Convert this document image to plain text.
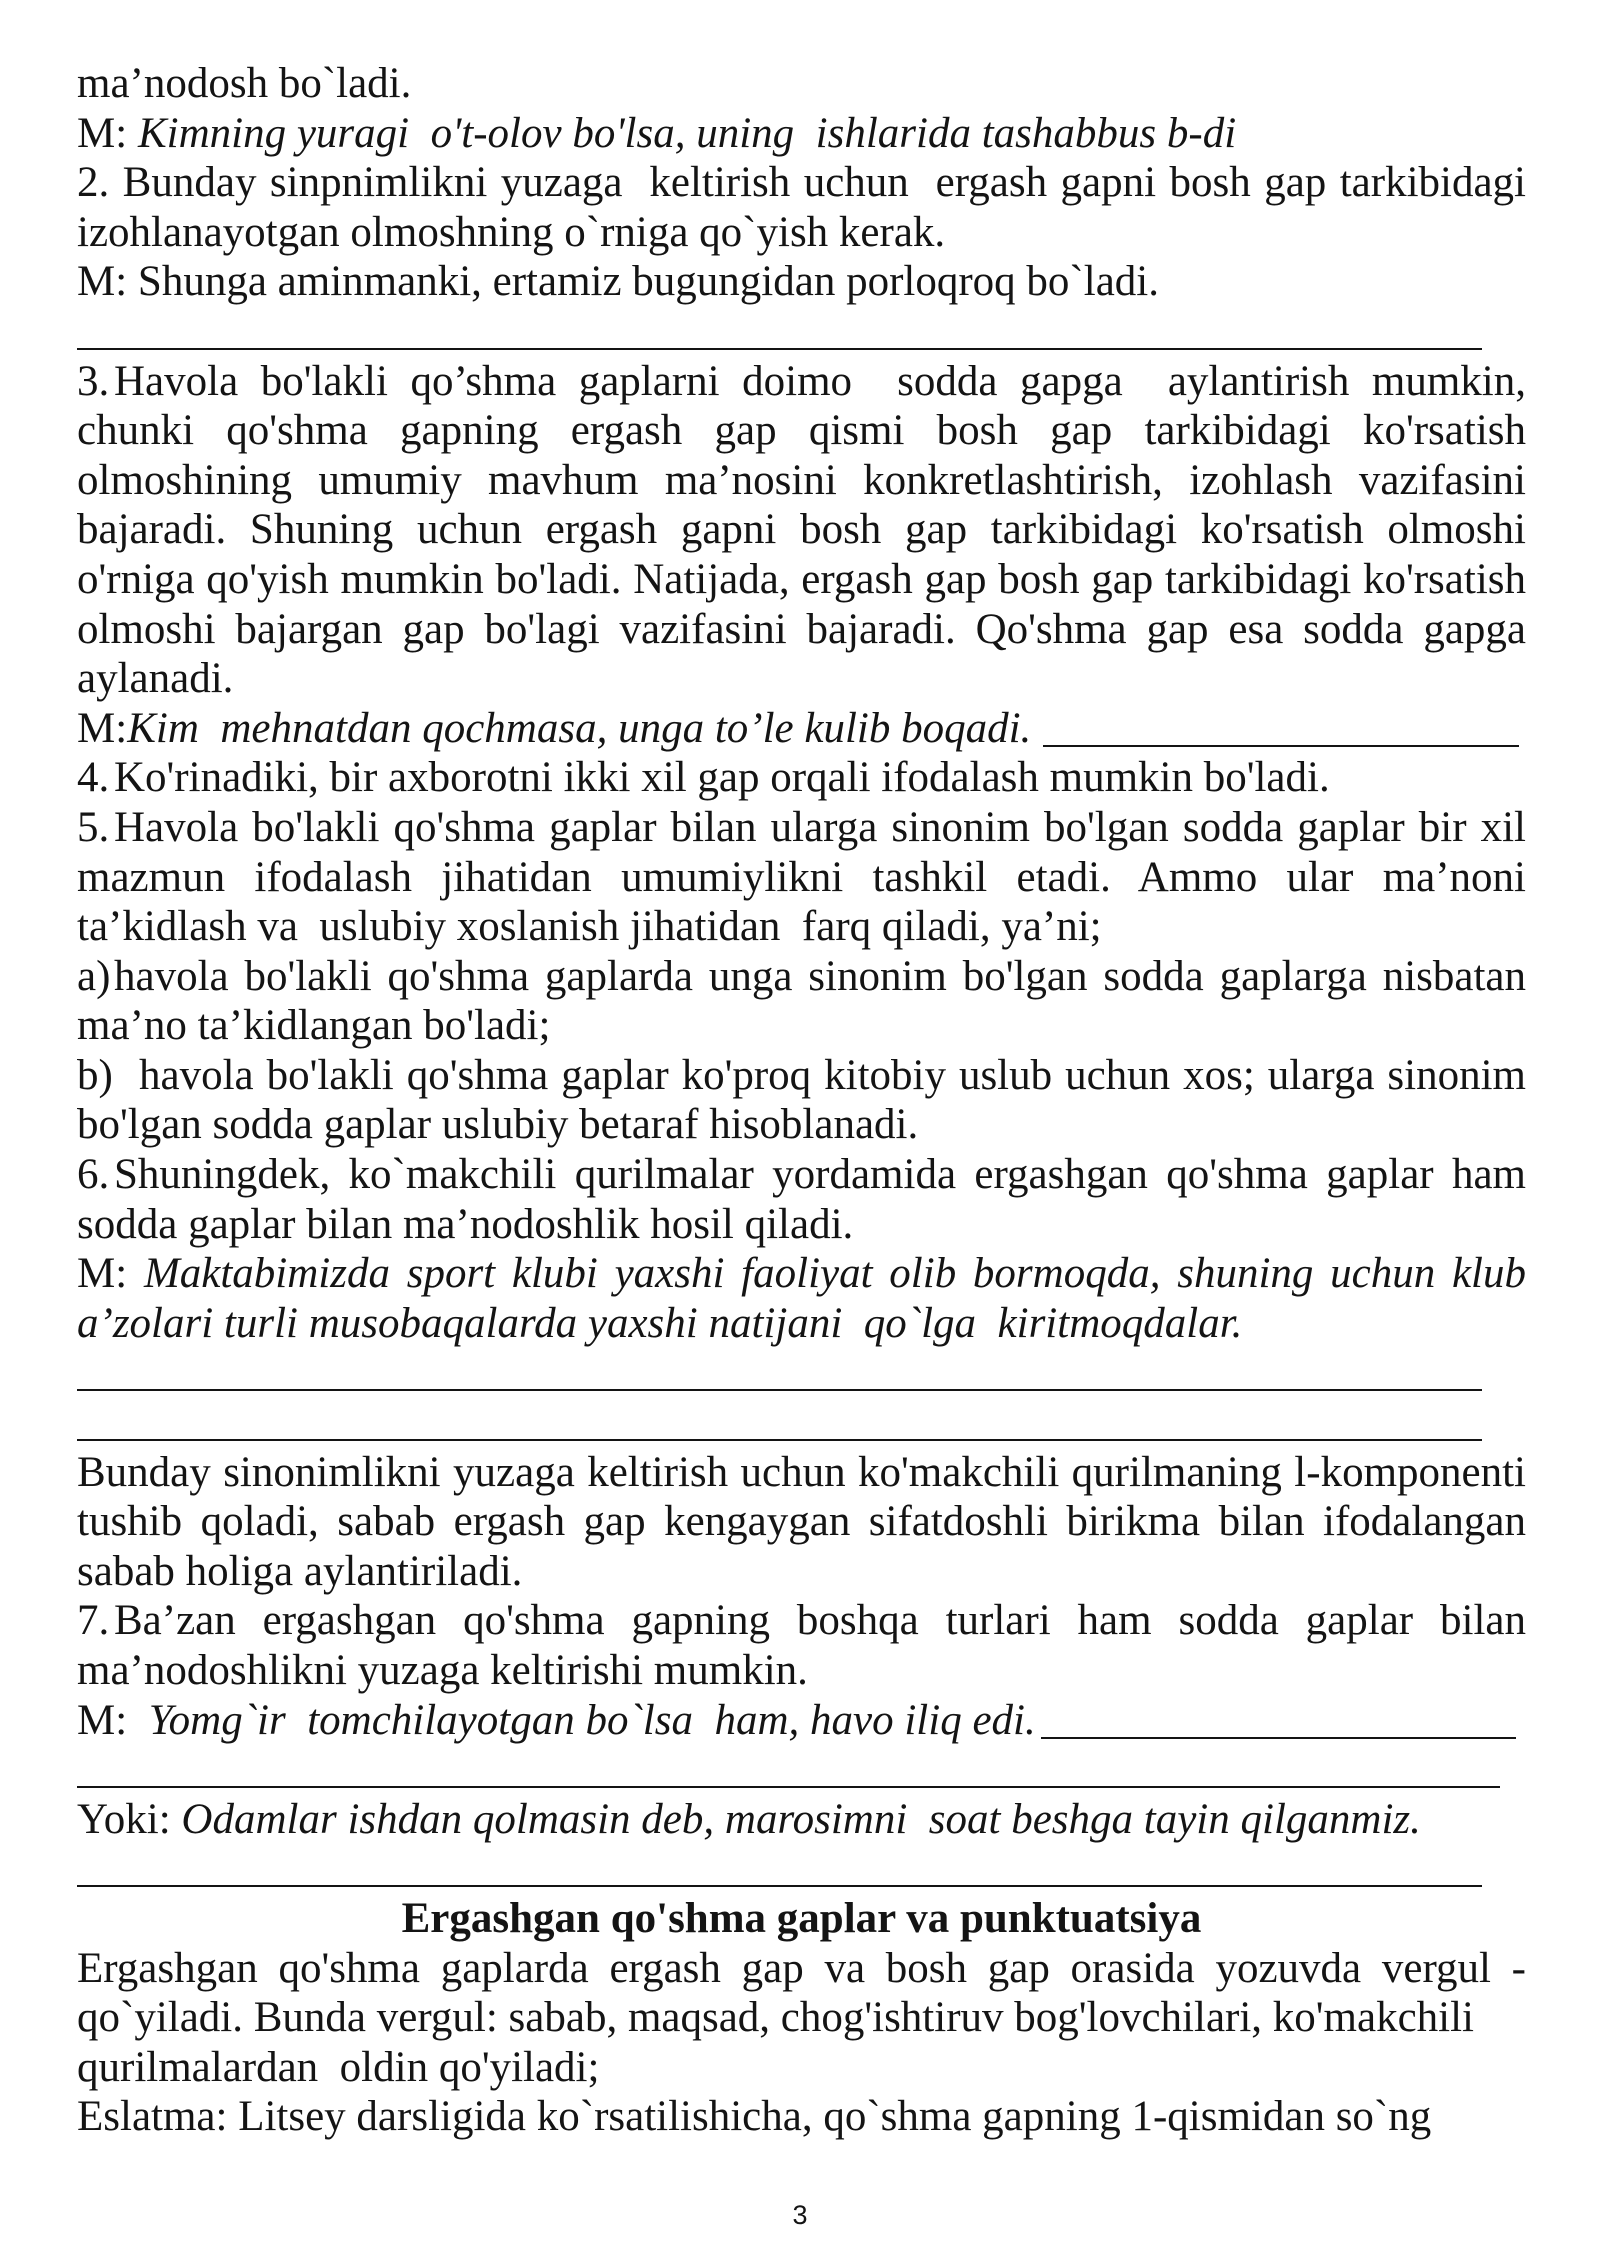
ma’nodosh bo`ladi.
M: Kimning yuragi  o't-olov bo'lsa, uning  ishlarida tashabbus b-di
2. Bunday sinpnimlikni yuzaga  keltirish uchun  ergash gapni bosh gap tarkibidagi
izohlanayotgan olmoshning o`rniga qo`yish kerak.
M: Shunga aminmanki, ertamiz bugungidan porloqroq bo`ladi.
3. Havola bo'lakli qo’shma gaplarni doimo  sodda gapga  aylantirish mumkin,
chunki qo'shma gapning ergash gap qismi bosh gap tarkibidagi ko'rsatish
olmoshining umumiy mavhum ma’nosini konkretlashtirish, izohlash vazifasini
bajaradi. Shuning uchun ergash gapni bosh gap tarkibidagi ko'rsatish olmoshi
o'rniga qo'yish mumkin bo'ladi. Natijada, ergash gap bosh gap tarkibidagi ko'rsatish
olmoshi bajargan gap bo'lagi vazifasini bajaradi. Qo'shma gap esa sodda gapga
aylanadi.
M:Kim  mehnatdan qochmasa, unga to’le kulib boqadi.
4. Ko'rinadiki, bir axborotni ikki xil gap orqali ifodalash mumkin bo'ladi.
5. Havola bo'lakli qo'shma gaplar bilan ularga sinonim bo'lgan sodda gaplar bir xil
mazmun ifodalash jihatidan umumiylikni tashkil etadi. Ammo ular ma’noni
ta’kidlash va  uslubiy xoslanish jihatidan  farq qiladi, ya’ni;
a) havola bo'lakli qo'shma gaplarda unga sinonim bo'lgan sodda gaplarga nisbatan
ma’no ta’kidlangan bo'ladi;
b) havola bo'lakli qo'shma gaplar ko'proq kitobiy uslub uchun xos; ularga sinonim
bo'lgan sodda gaplar uslubiy betaraf hisoblanadi.
6. Shuningdek, ko`makchili qurilmalar yordamida ergashgan qo'shma gaplar ham
sodda gaplar bilan ma’nodoshlik hosil qiladi.
M: Maktabimizda sport klubi yaxshi faoliyat olib bormoqda, shuning uchun klub
a’zolari turli musobaqalarda yaxshi natijani  qo`lga  kiritmoqdalar.
Bunday sinonimlikni yuzaga keltirish uchun ko'makchili qurilmaning l-komponenti
tushib qoladi, sabab ergash gap kengaygan sifatdoshli birikma bilan ifodalangan
sabab holiga aylantiriladi.
7. Ba’zan ergashgan qo'shma gapning boshqa turlari ham sodda gaplar bilan
ma’nodoshlikni yuzaga keltirishi mumkin.
M:  Yomg`ir  tomchilayotgan bo`lsa  ham, havo iliq edi.
Yoki: Odamlar ishdan qolmasin deb, marosimni  soat beshga tayin qilganmiz.
Ergashgan qo'shma gaplar va punktuatsiya
Ergashgan qo'shma gaplarda ergash gap va bosh gap orasida yozuvda vergul -
qo`yiladi. Bunda vergul: sabab, maqsad, chog'ishtiruv bog'lovchilari, ko'makchili
qurilmalardan  oldin qo'yiladi;
Eslatma: Litsey darsligida ko`rsatilishicha, qo`shma gapning 1-qismidan so`ng
3
